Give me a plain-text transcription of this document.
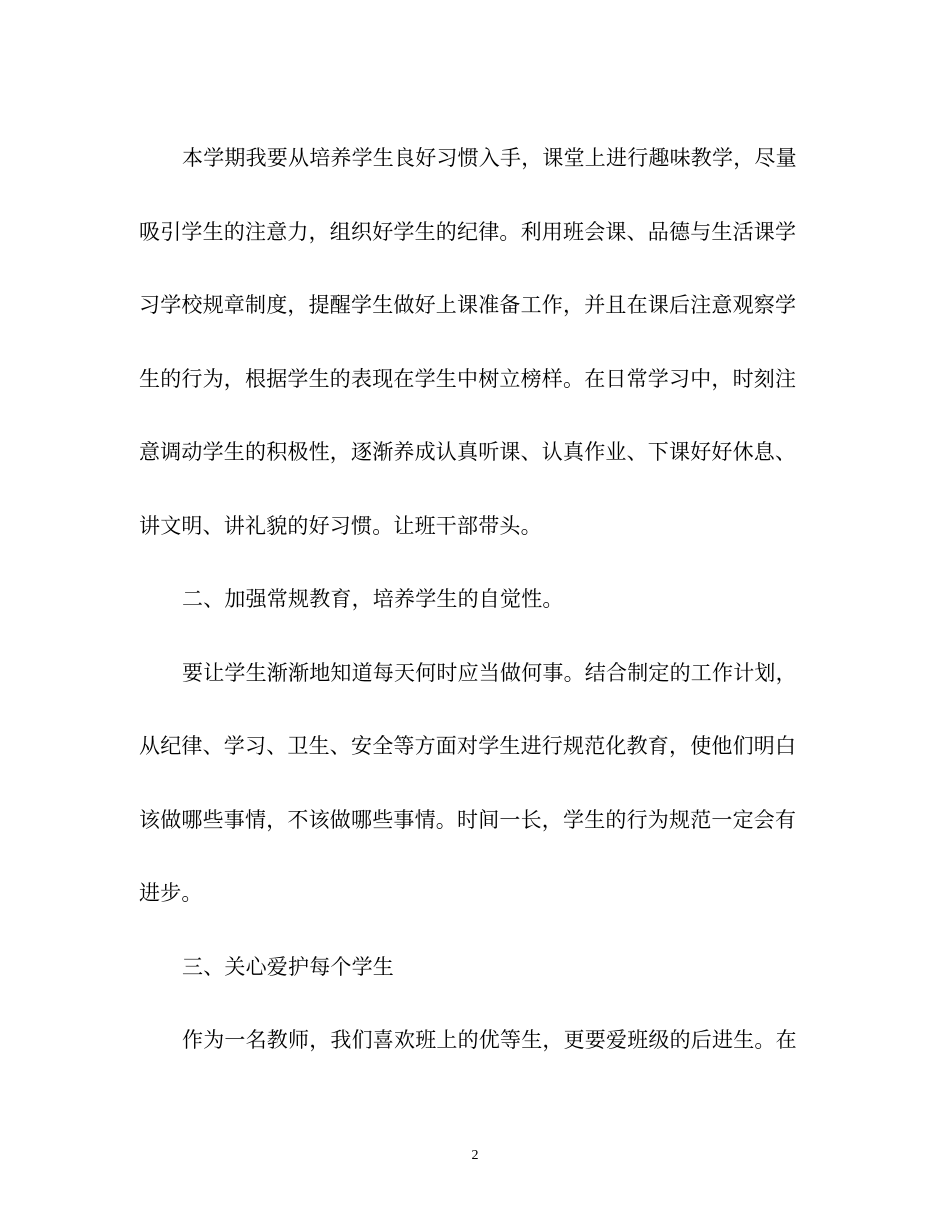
本学期我要从培养学生良好习惯入手，课堂上进行趣味教学，尽量
吸引学生的注意力，组织好学生的纪律。利用班会课、品德与生活课学
习学校规章制度，提醒学生做好上课准备工作，并且在课后注意观察学
生的行为，根据学生的表现在学生中树立榜样。在日常学习中，时刻注
意调动学生的积极性，逐渐养成认真听课、认真作业、下课好好休息、
讲文明、讲礼貌的好习惯。让班干部带头。
二、加强常规教育，培养学生的自觉性。
要让学生渐渐地知道每天何时应当做何事。结合制定的工作计划，
从纪律、学习、卫生、安全等方面对学生进行规范化教育，使他们明白
该做哪些事情，不该做哪些事情。时间一长，学生的行为规范一定会有
进步。
三、关心爱护每个学生
作为一名教师，我们喜欢班上的优等生，更要爱班级的后进生。在
2
